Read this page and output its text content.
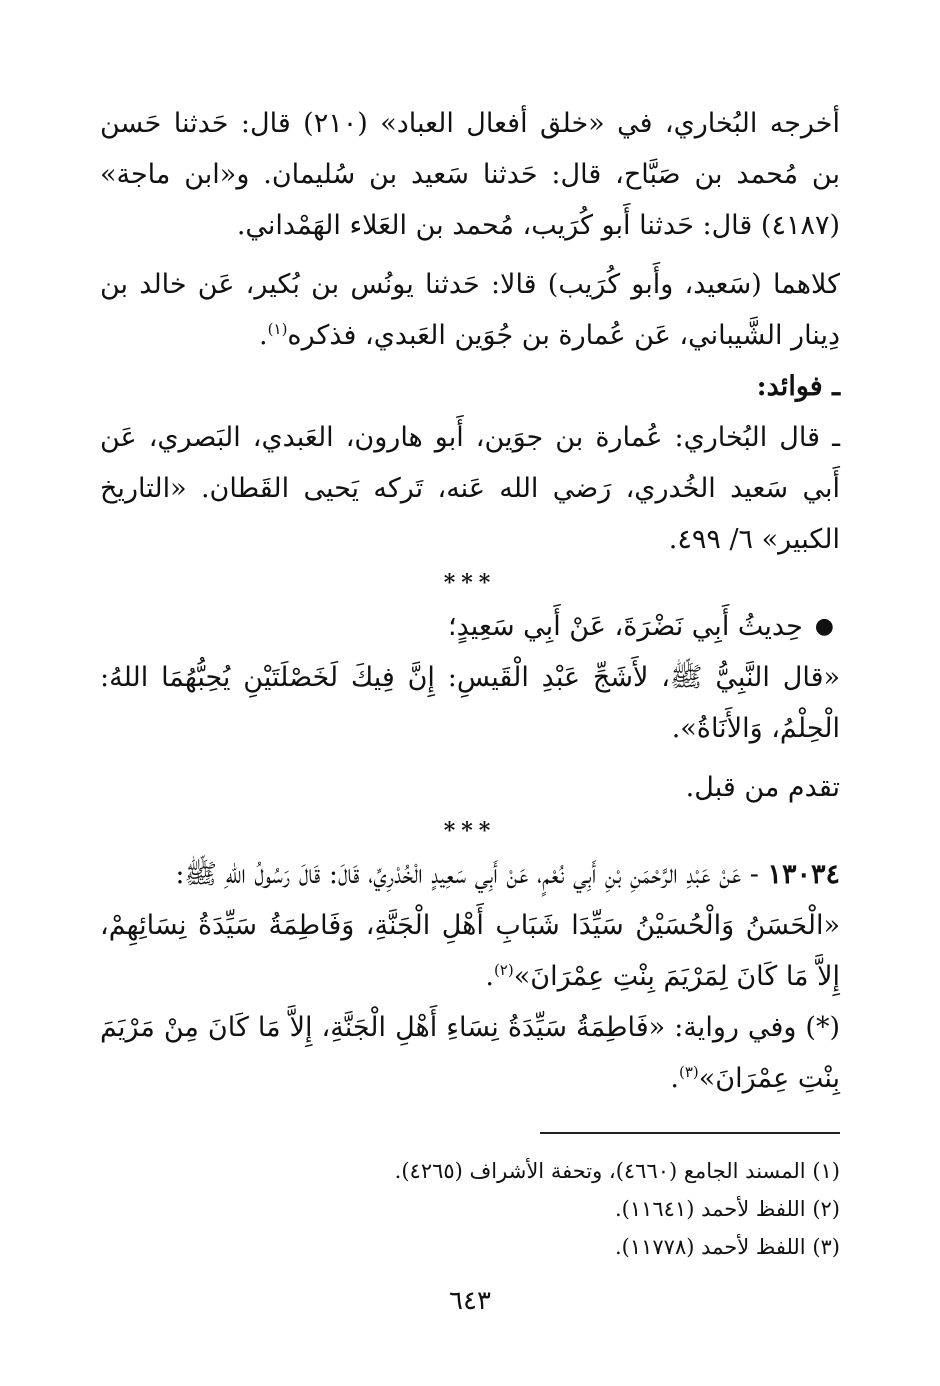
أخرجه البُخاري، في «خلق أفعال العباد» (٢١٠) قال: حَدثنا حَسن بن مُحمد بن صَبَّاح، قال: حَدثنا سَعيد بن سُليمان. و«ابن ماجة» (٤١٨٧) قال: حَدثنا أَبو كُرَيب، مُحمد بن العَلاء الهَمْداني.

كلاهما (سَعيد، وأَبو كُرَيب) قالا: حَدثنا يونُس بن بُكير، عَن خالد بن دِينار الشَّيباني، عَن عُمارة بن جُوَين العَبدي، فذكره$^{(١)}$.

ـ فوائد:

ـ قال البُخاري: عُمارة بن جوَين، أَبو هارون، العَبدي، البَصري، عَن أَبي سَعيد الخُدري، رَضي الله عَنه، تَركه يَحيى القَطان. «التاريخ الكبير» ٦/ ٤٩٩.

***

●
حِديثُ أَبِي نَضْرَةَ، عَنْ أَبِي سَعِيدٍ؛

«قال النَّبِيُّ ﷺ، لأَشَجِّ عَبْدِ الْقَيسِ: إِنَّ فِيكَ لَخَصْلَتَيْنِ يُحِبُّهُمَا اللهُ: الْحِلْمُ، وَالأَنَاةُ».

تقدم من قبل.

***

١٣٠٣٤ - عَنْ عَبْدِ الرَّحْمَنِ بْنِ أَبِي نُعْمٍ، عَنْ أَبِي سَعِيدٍ الْخُدْرِيِّ، قَالَ: قَالَ رَسُولُ اللهِ ﷺ:

«الْحَسَنُ وَالْحُسَيْنُ سَيِّدَا شَبَابِ أَهْلِ الْجَنَّةِ، وَفَاطِمَةُ سَيِّدَةُ نِسَائِهِمْ، إِلاَّ مَا كَانَ لِمَرْيَمَ بِنْتِ عِمْرَانَ»$^{(٢)}$.

(*) وفي رواية: «فَاطِمَةُ سَيِّدَةُ نِسَاءِ أَهْلِ الْجَنَّةِ، إِلاَّ مَا كَانَ مِنْ مَرْيَمَ بِنْتِ عِمْرَانَ»$^{(٣)}$.

(١) المسند الجامع (٤٦٦٠)، وتحفة الأشراف (٤٢٦٥).

(٢) اللفظ لأحمد (١١٦٤١).

(٣) اللفظ لأحمد (١١٧٧٨).

٦٤٣
